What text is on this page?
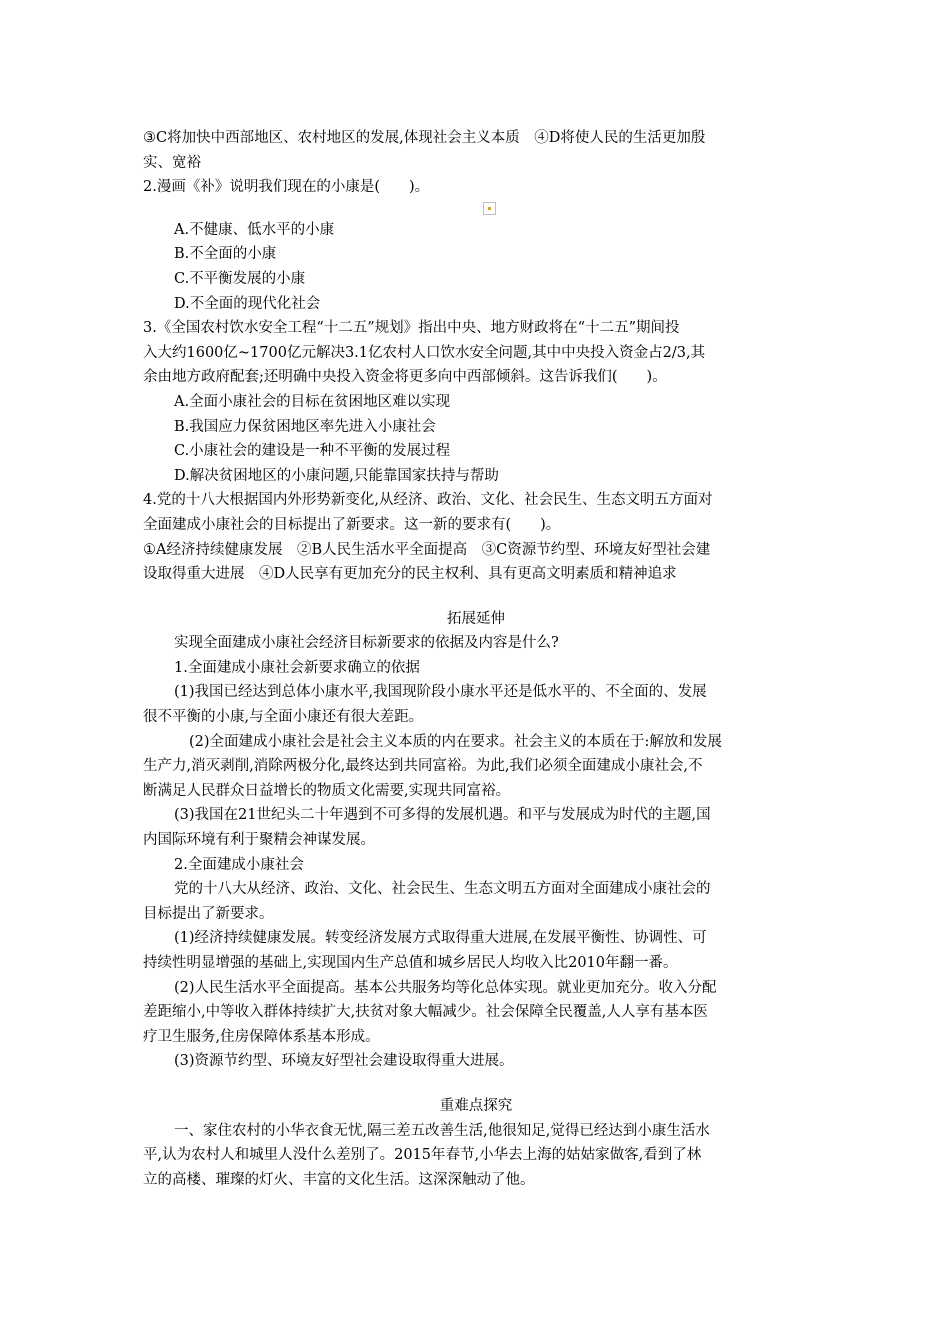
③C将加快中西部地区、农村地区的发展,体现社会主义本质　④D将使人民的生活更加殷

实、宽裕

2.漫画《补》说明我们现在的小康是(　　)。

A.不健康、低水平的小康

B.不全面的小康

C.不平衡发展的小康

D.不全面的现代化社会

3.《全国农村饮水安全工程“十二五”规划》指出中央、地方财政将在“十二五”期间投

入大约1600亿~1700亿元解决3.1亿农村人口饮水安全问题,其中中央投入资金占2/3,其

余由地方政府配套;还明确中央投入资金将更多向中西部倾斜。这告诉我们(　　)。

A.全面小康社会的目标在贫困地区难以实现

B.我国应力保贫困地区率先进入小康社会

C.小康社会的建设是一种不平衡的发展过程

D.解决贫困地区的小康问题,只能靠国家扶持与帮助

4.党的十八大根据国内外形势新变化,从经济、政治、文化、社会民生、生态文明五方面对

全面建成小康社会的目标提出了新要求。这一新的要求有(　　)。

①A经济持续健康发展　②B人民生活水平全面提高　③C资源节约型、环境友好型社会建

设取得重大进展　④D人民享有更加充分的民主权利、具有更高文明素质和精神追求

拓展延伸

实现全面建成小康社会经济目标新要求的依据及内容是什么?

1.全面建成小康社会新要求确立的依据

(1)我国已经达到总体小康水平,我国现阶段小康水平还是低水平的、不全面的、发展

很不平衡的小康,与全面小康还有很大差距。

(2)全面建成小康社会是社会主义本质的内在要求。社会主义的本质在于:解放和发展

生产力,消灭剥削,消除两极分化,最终达到共同富裕。为此,我们必须全面建成小康社会,不

断满足人民群众日益增长的物质文化需要,实现共同富裕。

(3)我国在21世纪头二十年遇到不可多得的发展机遇。和平与发展成为时代的主题,国

内国际环境有利于聚精会神谋发展。

2.全面建成小康社会

党的十八大从经济、政治、文化、社会民生、生态文明五方面对全面建成小康社会的

目标提出了新要求。

(1)经济持续健康发展。转变经济发展方式取得重大进展,在发展平衡性、协调性、可

持续性明显增强的基础上,实现国内生产总值和城乡居民人均收入比2010年翻一番。

(2)人民生活水平全面提高。基本公共服务均等化总体实现。就业更加充分。收入分配

差距缩小,中等收入群体持续扩大,扶贫对象大幅减少。社会保障全民覆盖,人人享有基本医

疗卫生服务,住房保障体系基本形成。

(3)资源节约型、环境友好型社会建设取得重大进展。

重难点探究

一、家住农村的小华衣食无忧,隔三差五改善生活,他很知足,觉得已经达到小康生活水

平,认为农村人和城里人没什么差别了。2015年春节,小华去上海的姑姑家做客,看到了林

立的高楼、璀璨的灯火、丰富的文化生活。这深深触动了他。
